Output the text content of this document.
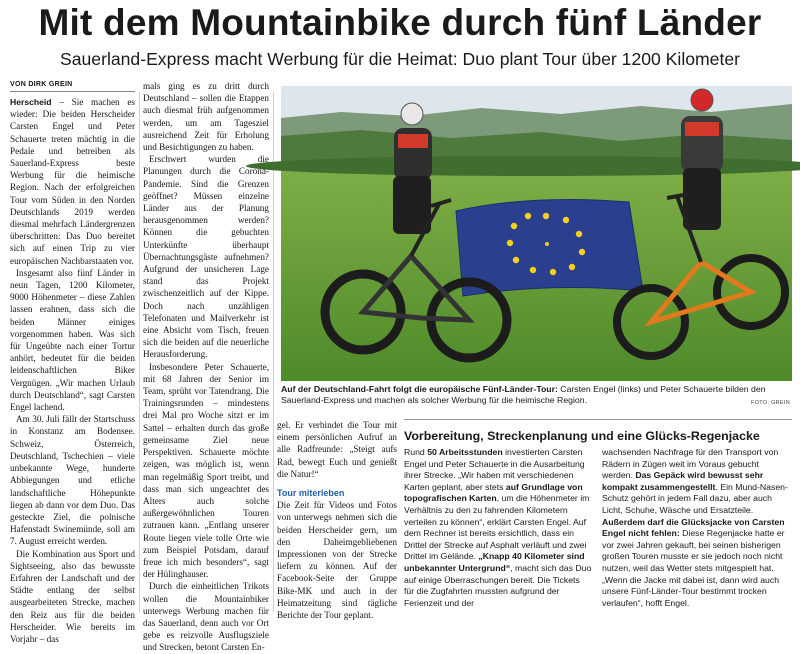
Mit dem Mountainbike durch fünf Länder
Sauerland-Express macht Werbung für die Heimat: Duo plant Tour über 1200 Kilometer
VON DIRK GREIN

Herscheid – Sie machen es wieder: Die beiden Herscheider Carsten Engel und Peter Schauerte treten mächtig in die Pedale und betreiben als Sauerland-Express beste Werbung für die heimische Region. Nach der erfolgreichen Tour vom Süden in den Norden Deutschlands 2019 werden diesmal mehrfach Ländergrenzen überschritten: Das Duo bereitet sich auf einen Trip zu vier europäischen Nachbarstaaten vor.

Insgesamt also fünf Länder in neun Tagen, 1200 Kilometer, 9000 Höhenmeter – diese Zahlen lassen erahnen, dass sich die beiden Männer einiges vorgenommen haben. Was sich für Ungeübte nach einer Tortur anhört, bedeutet für die beiden leidenschaftlichen Biker Vergnügen. „Wir machen Urlaub durch Deutschland“, sagt Carsten Engel lachend.

Am 30. Juli fällt der Startschuss in Konstanz am Bodensee. Schweiz, Österreich, Deutschland, Tschechien – viele unbekannte Wege, hunderte Abbiegungen und etliche landschaftliche Höhepunkte liegen ab dann vor dem Duo. Das gesteckte Ziel, die polnische Hafenstadt Swinemünde, soll am 7. August erreicht werden.

Die Kombination aus Sport und Sightseeing, also das bewusste Erfahren der Landschaft und der Städte entlang der selbst ausgearbeiteten Strecke, machen den Reiz aus für die beiden Herscheider. Wie bereits im Vorjahr – das

mals ging es zu dritt durch Deutschland – sollen die Etappen auch diesmal früh aufgenommen werden, um am Tagesziel ausreichend Zeit für Erholung und Besichtigungen zu haben.

Erschwert wurden die Planungen durch die Corona-Pandemie. Sind die Grenzen geöffnet? Müssen einzelne Länder aus der Planung herausgenommen werden? Können die gebuchten Unterkünfte überhaupt Übernachtungsgäste aufnehmen? Aufgrund der unsicheren Lage stand das Projekt zwischenzeitlich auf der Kippe. Doch nach unzähligen Telefonaten und Mailverkehr ist eine Absicht vom Tisch, freuen sich die beiden auf die neuerliche Herausforderung.

Insbesondere Peter Schauerte, mit 68 Jahren der Senior im Team, sprüht vor Tatendrang. Die Trainingsrunden – mindestens drei Mal pro Woche sitzt er im Sattel – erhalten durch das große gemeinsame Ziel neue Perspektiven. Schauerte möchte zeigen, was möglich ist, wenn man regelmäßig Sport treibt, und dass man sich ungeachtet des Alters auch solche außergewöhnlichen Touren zutrauen kann. „Entlang unserer Route liegen viele tolle Orte wie zum Beispiel Potsdam, darauf freue ich mich besonders“, sagt der Hülinghauser.

Durch die einheitlichen Trikots wollen die Mountainbiker unterwegs Werbung machen für das Sauerland, denn auch vor Ort gebe es reizvolle Ausflugsziele und Strecken, betont Carsten En-

Auf der Deutschland-Fahrt folgt die europäische Fünf-Länder-Tour: Carsten Engel (links) und Peter Schauerte bilden den Sauerland-Express und machen als solcher Werbung für die heimische Region.	FOTO: GREIN

gel. Er verbindet die Tour mit einem persönlichen Aufruf an alle Radfreunde: „Steigt aufs Rad, bewegt Euch und genießt die Natur!“

Tour miterleben

Die Zeit für Videos und Fotos von unterwegs nehmen sich die beiden Herscheider gern, um den Daheimgebliebenen Impressionen von der Strecke liefern zu können. Auf der Facebook-Seite der Gruppe Bike-MK und auch in der Heimatzeitung sind tägliche Berichte der Tour geplant.

Vorbereitung, Streckenplanung und eine Glücks-Regenjacke
Rund 50 Arbeitsstunden investierten Carsten Engel und Peter Schauerte in die Ausarbeitung ihrer Strecke. „Wir haben mit verschiedenen Karten geplant, aber stets auf Grundlage von topografischen Karten, um die Höhenmeter im Verhältnis zu den zu fahrenden Kilometern verteilen zu können“, erklärt Carsten Engel. Auf dem Rechner ist bereits ersichtlich, dass ein Drittel der Strecke auf Asphalt verläuft und zwei Drittel im Gelände. „Knapp 40 Kilometer sind unbekannter Untergrund“, macht sich das Duo auf einige Überraschungen bereit. Die Tickets für die Zugfahrten mussten aufgrund der Ferienzeit und der
wachsenden Nachfrage für den Transport von Rädern in Zügen weit im Voraus gebucht werden. Das Gepäck wird bewusst sehr kompakt zusammengestellt. Ein Mund-Nasen-Schutz gehört in jedem Fall dazu, aber auch Licht, Schuhe, Wäsche und Ersatzteile. Außerdem darf die Glücksjacke von Carsten Engel nicht fehlen: Diese Regenjacke hatte er vor zwei Jahren gekauft, bei seinen bisherigen großen Touren musste er sie jedoch noch nicht nutzen, weil das Wetter stets mitgespielt hat. „Wenn die Jacke mit dabei ist, dann wird auch unsere Fünf-Länder-Tour bestimmt trocken verlaufen“, hofft Engel.
